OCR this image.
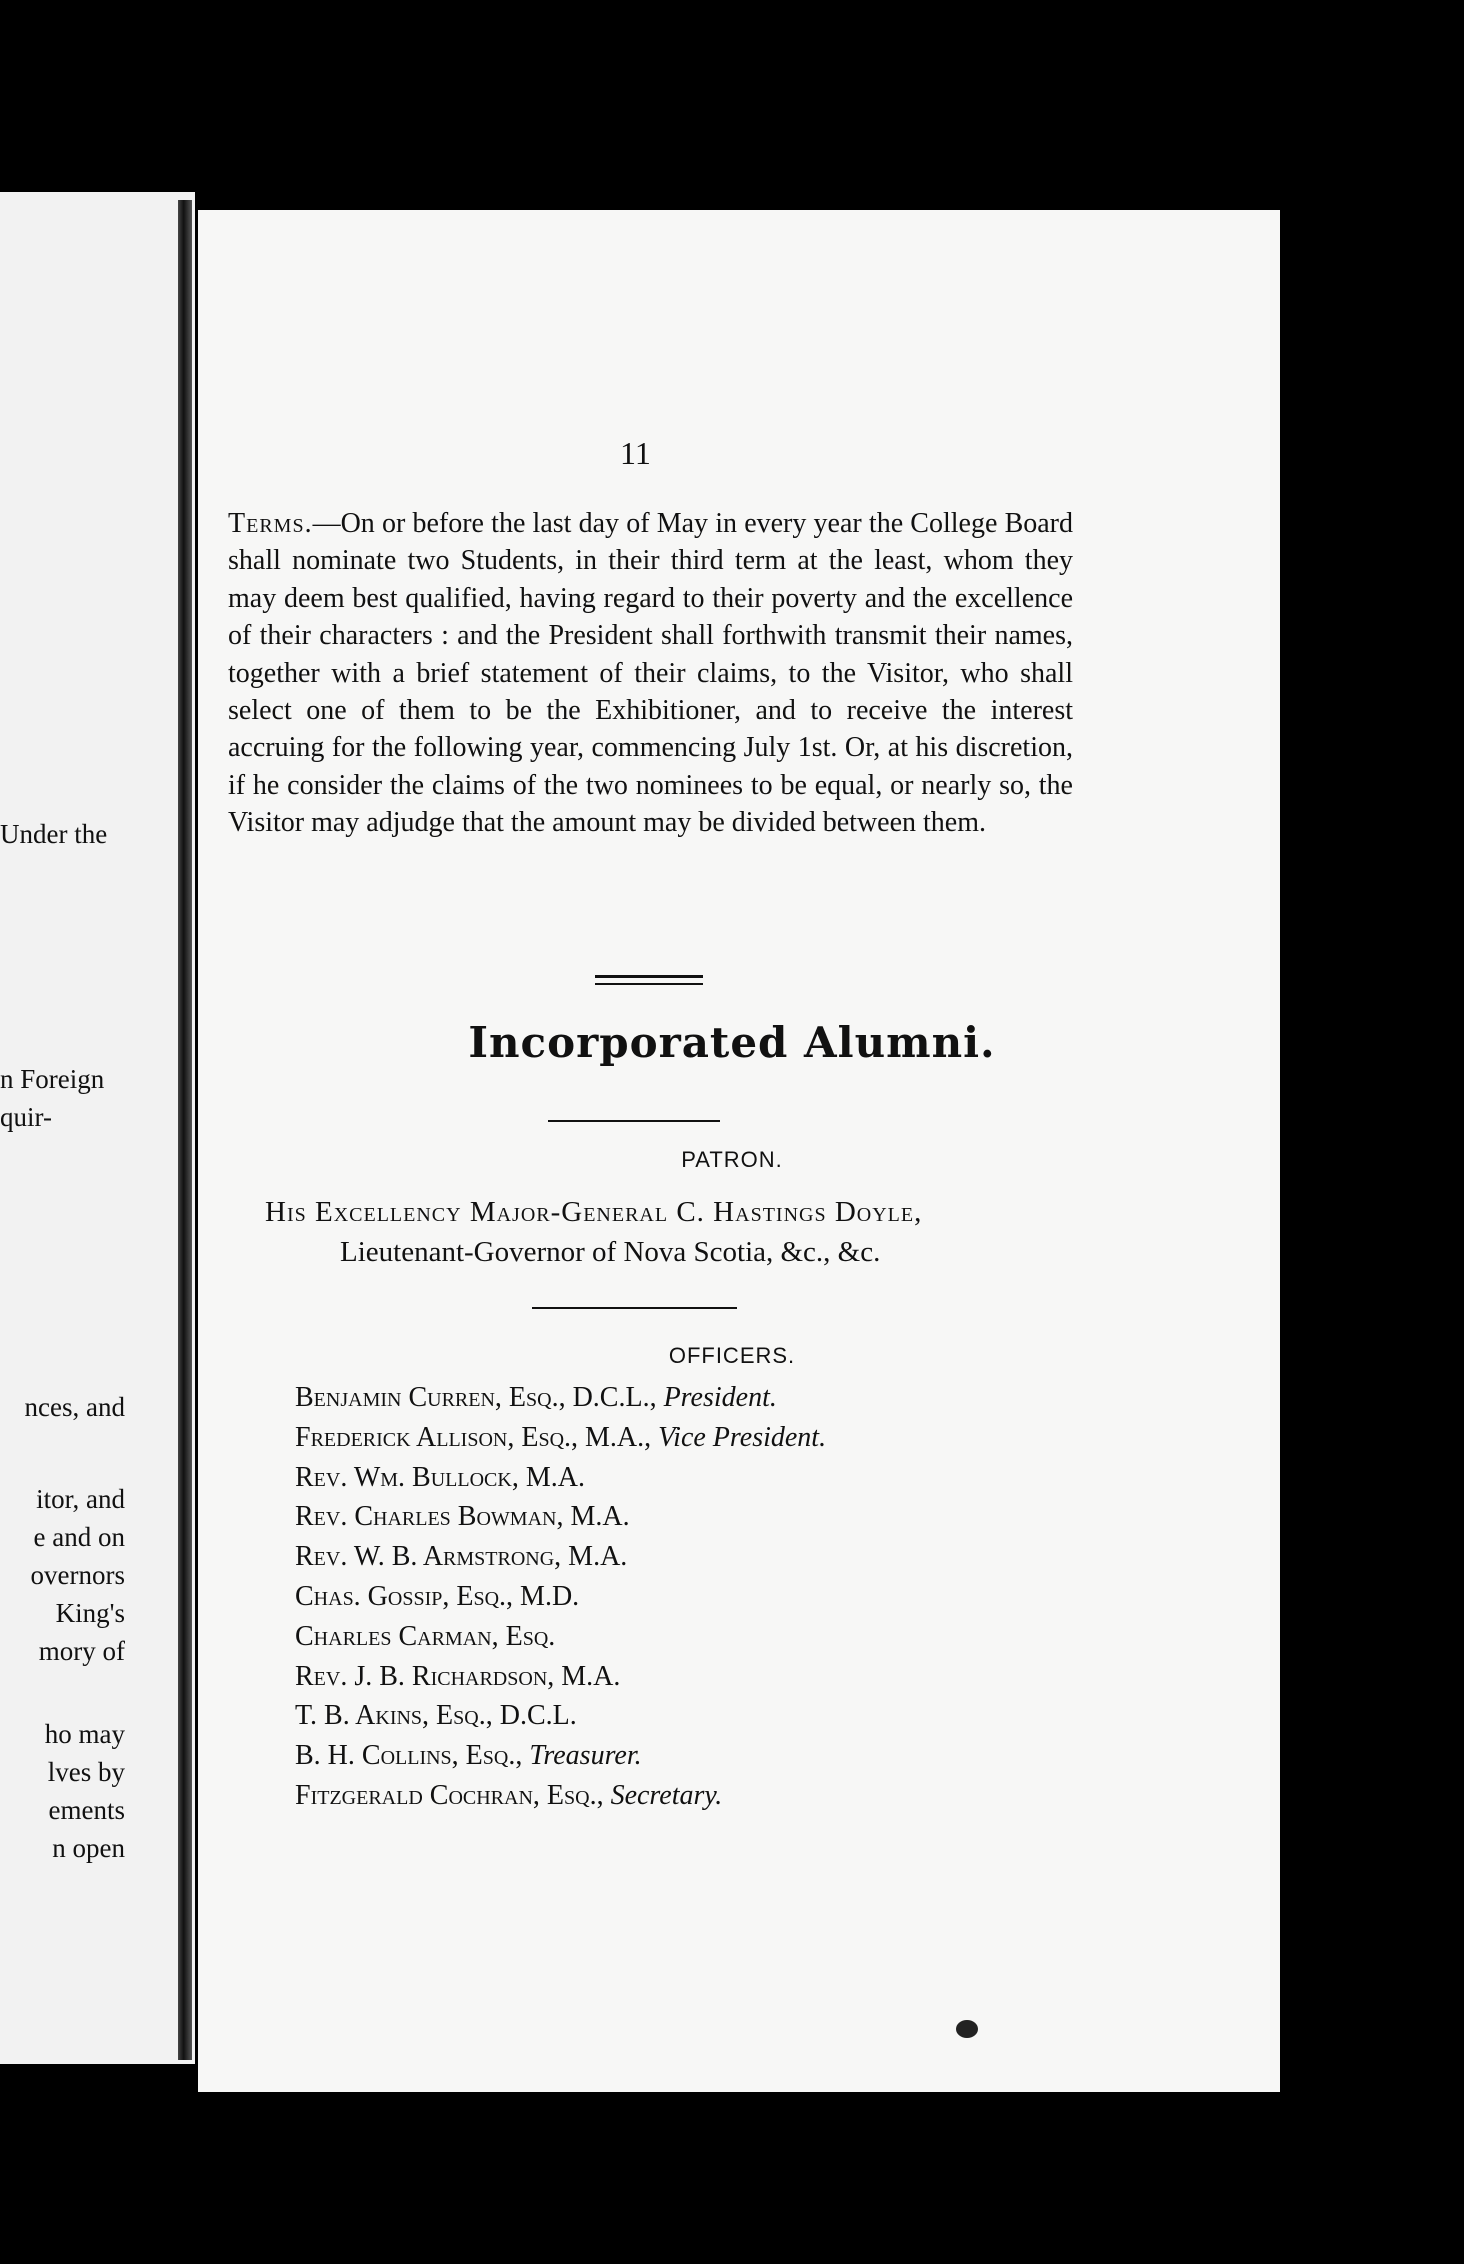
Under the
n Foreign
quir-
nces, and
itor, and
e and on
overnors
King's
mory of
ho may
lves by
ements
n open
11
Terms.—On or before the last day of May in every year the College Board shall nominate two Students, in their third term at the least, whom they may deem best qualified, having regard to their poverty and the excellence of their characters : and the President shall forthwith transmit their names, together with a brief statement of their claims, to the Visitor, who shall select one of them to be the Exhibitioner, and to receive the interest accruing for the following year, commencing July 1st. Or, at his discretion, if he consider the claims of the two nominees to be equal, or nearly so, the Visitor may adjudge that the amount may be divided between them.
Incorporated Alumni.
PATRON.
His Excellency Major-General C. Hastings Doyle,
Lieutenant-Governor of Nova Scotia, &c., &c.
OFFICERS.
Benjamin Curren, Esq., D.C.L., President.
Frederick Allison, Esq., M.A., Vice President.
Rev. Wm. Bullock, M.A.
Rev. Charles Bowman, M.A.
Rev. W. B. Armstrong, M.A.
Chas. Gossip, Esq., M.D.
Charles Carman, Esq.
Rev. J. B. Richardson, M.A.
T. B. Akins, Esq., D.C.L.
B. H. Collins, Esq., Treasurer.
Fitzgerald Cochran, Esq., Secretary.
